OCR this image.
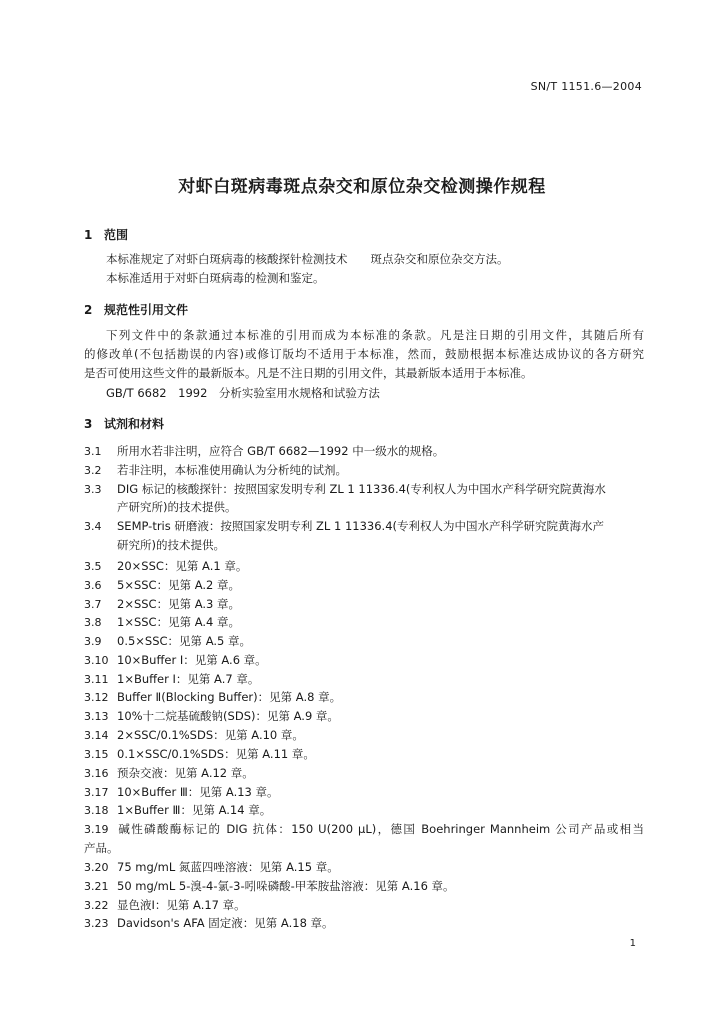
SN/T 1151.6—2004
对虾白斑病毒斑点杂交和原位杂交检测操作规程
1 范围
本标准规定了对虾白斑病毒的核酸探针检测技术　　斑点杂交和原位杂交方法。
本标准适用于对虾白斑病毒的检测和鉴定。
2 规范性引用文件
下列文件中的条款通过本标准的引用而成为本标准的条款。凡是注日期的引用文件，其随后所有
的修改单(不包括勘误的内容)或修订版均不适用于本标准，然而，鼓励根据本标准达成协议的各方研究
是否可使用这些文件的最新版本。凡是不注日期的引用文件，其最新版本适用于本标准。
GB/T 6682　1992　分析实验室用水规格和试验方法
3 试剂和材料
3.1 所用水若非注明，应符合 GB/T 6682—1992 中一级水的规格。
3.2 若非注明，本标准使用确认为分析纯的试剂。
3.3 DIG 标记的核酸探针：按照国家发明专利 ZL 1 11336.4(专利权人为中国水产科学研究院黄海水
产研究所)的技术提供。
3.4 SEMP-tris 研磨液：按照国家发明专利 ZL 1 11336.4(专利权人为中国水产科学研究院黄海水产
研究所)的技术提供。
3.5 20×SSC：见第 A.1 章。
3.6 5×SSC：见第 A.2 章。
3.7 2×SSC：见第 A.3 章。
3.8 1×SSC：见第 A.4 章。
3.9 0.5×SSC：见第 A.5 章。
3.10 10×Buffer Ⅰ：见第 A.6 章。
3.11 1×Buffer Ⅰ：见第 A.7 章。
3.12 Buffer Ⅱ(Blocking Buffer)：见第 A.8 章。
3.13 10%十二烷基硫酸钠(SDS)：见第 A.9 章。
3.14 2×SSC/0.1%SDS：见第 A.10 章。
3.15 0.1×SSC/0.1%SDS：见第 A.11 章。
3.16 预杂交液：见第 A.12 章。
3.17 10×Buffer Ⅲ：见第 A.13 章。
3.18 1×Buffer Ⅲ：见第 A.14 章。
3.19 碱性磷酸酶标记的 DIG 抗体：150 U(200 μL)，德国 Boehringer Mannheim 公司产品或相当
产品。
3.20 75 mg/mL 氮蓝四唑溶液：见第 A.15 章。
3.21 50 mg/mL 5-溴-4-氯-3-吲哚磷酸-甲苯胺盐溶液：见第 A.16 章。
3.22 显色液Ⅰ：见第 A.17 章。
3.23 Davidson's AFA 固定液：见第 A.18 章。
1
